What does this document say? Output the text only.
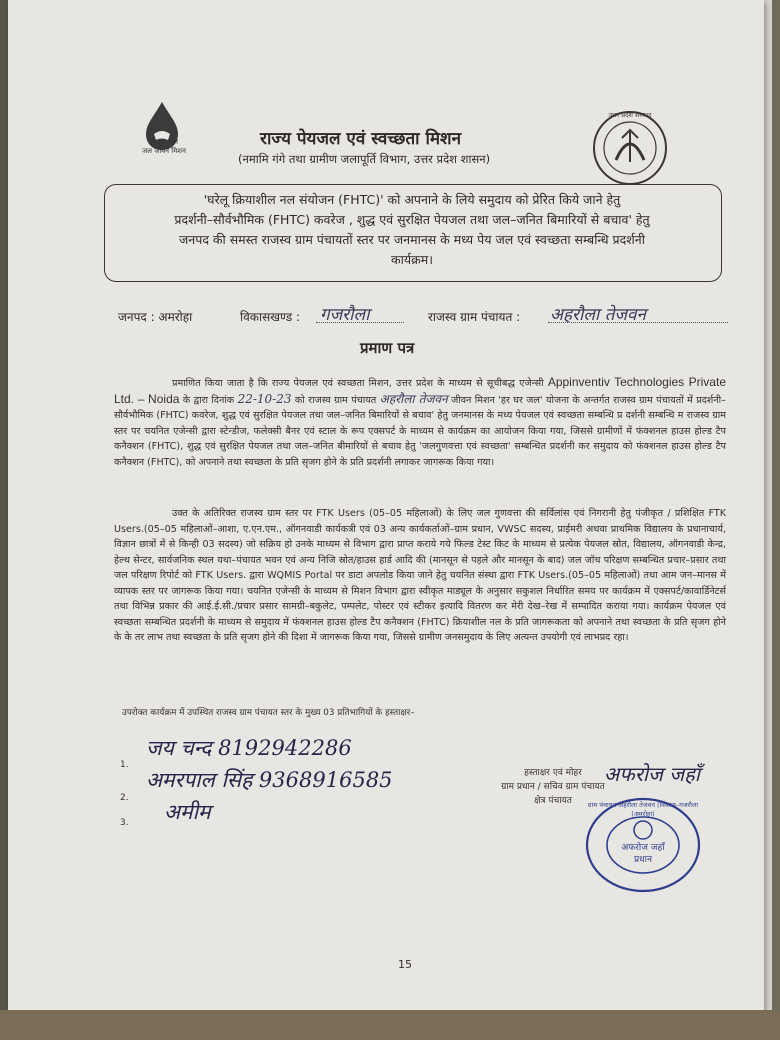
हर घर जल
जल जीवन मिशन
राज्य पेयजल एवं स्वच्छता मिशन
(नमामि गंगे तथा ग्रामीण जलापूर्ति विभाग, उत्तर प्रदेश शासन)
उत्तर प्रदेश सरकार
'घरेलू क्रियाशील नल संयोजन (FHTC)' को अपनाने के लिये समुदाय को प्रेरित किये जाने हेतु
प्रदर्शनी–सौर्वभौमिक (FHTC) कवरेज , शुद्ध एवं सुरक्षित पेयजल तथा जल–जनित बिमारियों से बचाव' हेतु
जनपद की समस्त राजस्व ग्राम पंचायतों स्तर पर जनमानस के मध्य पेय जल एवं स्वच्छता सम्बन्धि प्रदर्शनी
कार्यक्रम।
जनपद : अमरोहा	विकासखण्ड : गजरौला	राजस्व ग्राम पंचायत : अहरौला तेजवन
प्रमाण पत्र
प्रमाणित किया जाता है कि राज्य पेयजल एवं स्वच्छता मिशन, उत्तर प्रदेश के माध्यम से सूचीबद्ध एजेन्सी Appinventiv Technologies Private Ltd. – Noida के द्वारा दिनांक 22-10-23 को राजस्व ग्राम पंचायत अहरौला तेजवन जीवन मिशन 'हर घर जल' योजना के अन्तर्गत राजस्व ग्राम पंचायतों में प्रदर्शनी–सौर्वभौमिक (FHTC) कवरेज, शुद्ध एवं सुरक्षित पेयजल तथा जल–जनित बिमारियों से बचाव' हेतु जनमानस के मध्य पेयजल एवं स्वच्छता सम्बन्धि प्र दर्शनी सम्बन्धि म राजस्व ग्राम स्तर पर चयनित एजेन्सी द्वारा स्टेन्डीज, फलेक्सी बैनर एवं स्टाल के रूप एक्सपर्ट के माध्यम से कार्यक्रम का आयोजन किया गया, जिससे ग्रामीणों में फंक्शनल हाउस होल्ड टैप कनैक्शन (FHTC), शुद्ध एवं सुरक्षित पेयजल तथा जल–जनित बीमारियों से बचाव हेतु 'जलगुणवत्ता एवं स्वच्छता' सम्बन्धित प्रदर्शनी कर समुदाय को फंक्शनल हाउस होल्ड टैप कनैक्शन (FHTC), को अपनाने तथा स्वच्छता के प्रति सृजग होने के प्रति प्रदर्शनी लगाकर जागरूक किया गया।
उक्त के अतिरिक्त राजस्व ग्राम स्तर पर FTK Users (05–05 महिलाओं) के लिए जल गुणवत्ता की सर्विलांस एवं निगरानी हेतु पंजीकृत / प्रशिक्षित FTK Users.(05–05 महिलाओं–आशा, ए.एन.एम., ऑगनवाडी कार्यकत्री एवं 03 अन्य कार्यकर्ताओं–ग्राम प्रधान, VWSC सदस्य, प्राईमरी अथवा प्राथमिक विद्यालय के प्रधानाचार्य, विज्ञान छात्रों में से किन्ही 03 सदस्य) जो सक्रिय हो उनके माध्यम से विभाग द्वारा प्राप्त कराये गये फिल्ड टेस्ट किट के माध्यम से प्रत्येक पेयजल स्रोत, विद्यालय, ऑगनवाडी केन्द्र, हेल्थ सेन्टर, सार्वजनिक स्थल यथा–पंचायत भवन एवं अन्य निजि स्रोत/हाउस हार्ड आदि की (मानसून से पहले और मानसून के बाद) जल जॉच परिक्षण सम्बन्धित प्रचार–प्रसार तथा जल परिक्षण रिपोर्ट को FTK Users. द्वारा WQMIS Portal पर डाटा अपलोड किया जाने हेतु चयनित संस्था द्वारा FTK Users.(05–05 महिलाओं) तथा आम जन–मानस में व्यापक स्तर पर जागरूक किया गया। चयनित एजेन्सी के माध्यम से मिशन विभाग द्वारा स्वीकृत माड्यूल के अनुसार सकुशल निर्धारित समय पर कार्यक्रम में एक्सपर्ट/कावार्डिनेटर्स तथा विभिन्न प्रकार की आई.ई.सी./प्रचार प्रसार सामग्री–बकुलेट, पम्पलेट, पोस्टर एवं स्टीकर इत्यादि वितरण कर मेरी देख–रेख में सम्पादित कराया गया। कार्यक्रम पेयजल एवं स्वच्छता सम्बन्धित प्रदर्शनी के माध्यम से समुदाय में फंक्शनल हाउस होल्ड टैप कनैक्शन (FHTC) क्रियाशील नल के प्रति जागरूकता को अपनाने तथा स्वच्छता के प्रति सृजग होने के के तर लाभ तथा स्वच्छता के प्रति सृजग होने की दिशा में जागरूक किया गया, जिससे ग्रामीण जनसमुदाय के लिए अत्यन्त उपयोगी एवं लाभप्रद रहा।
उपरोक्त कार्यक्रम में उपस्थित राजस्व ग्राम पंचायत स्तर के मुख्य 03 प्रतिभागियों के हस्ताक्षर–
1.
जय चन्द 8192942286
2.
अमरपाल सिंह 9368916585
3. अमीम
हस्ताक्षर एवं मोहर
ग्राम प्रधान / सचिव ग्राम पंचायत
क्षेत्र पंचायत
अफरोज जहाँ
ग्राम पंचायत अहरौला तेजवन (विकास–गजरौला (अमरोहा)
अफरोज जहाँ
प्रधान
15
